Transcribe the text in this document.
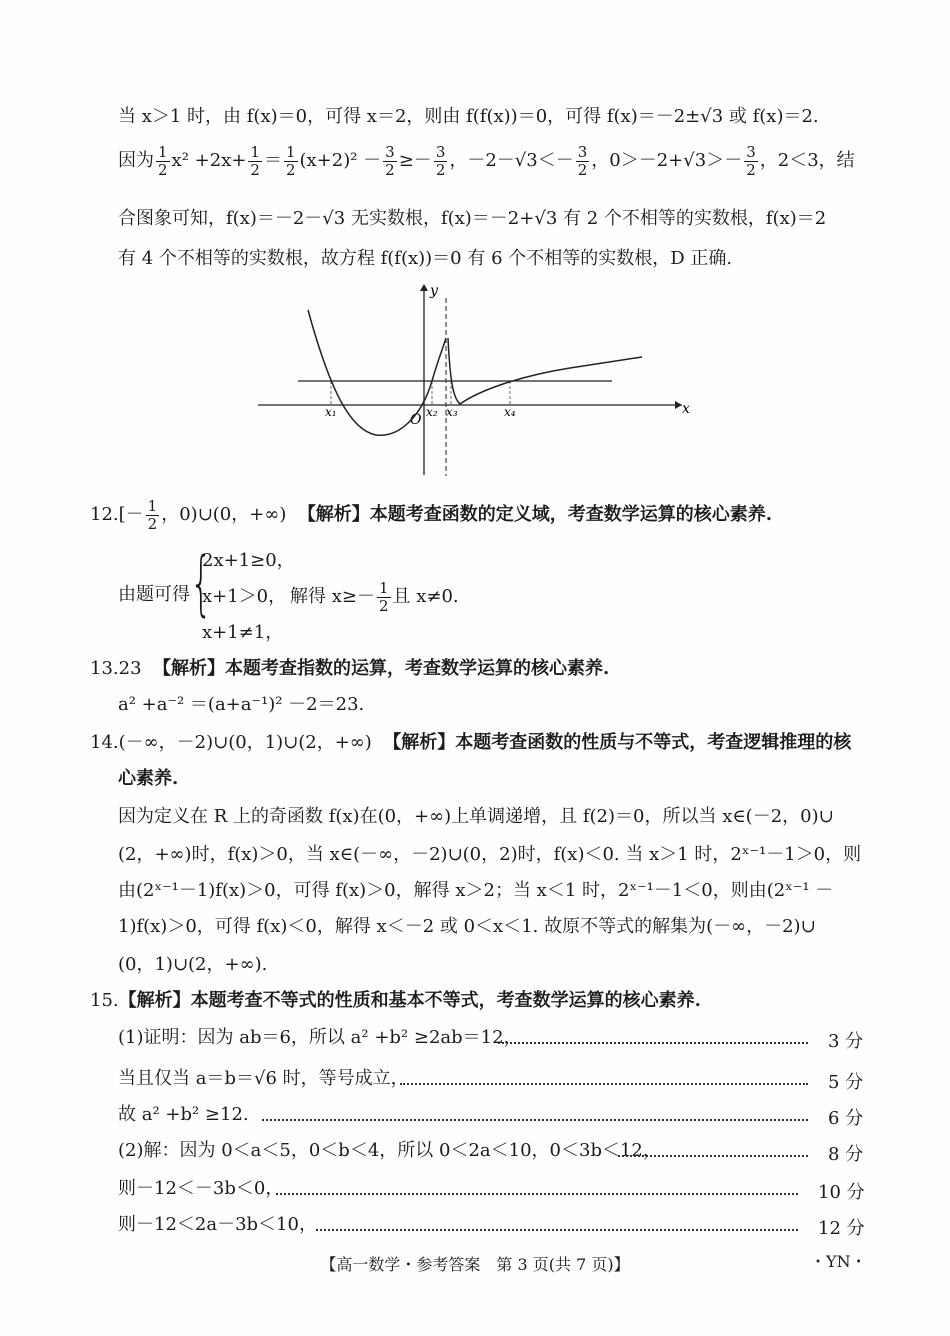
当 x＞1 时，由 f(x)＝0，可得 x＝2，则由 f(f(x))＝0，可得 f(x)＝－2±√3 或 f(x)＝2.
因为 $\frac{1}{2} x^2 +2x+ \frac{1}{2} = \frac{1}{2} (x+2)^2 - \frac{3}{2} \ge- \frac{3}{2}$ ，$-2-√3<- \frac{3}{2}$ ，$0>-2+√3>- \frac{3}{2}$ ，2＜3，结
合图象可知，f(x)＝－2－√3 无实数根，f(x)＝－2+√3 有 2 个不相等的实数根，f(x)＝2
有 4 个不相等的实数根，故方程 f(f(x))＝0 有 6 个不相等的实数根，D 正确.
y
x
O
x₁	x₂ x₃	x₄
$12.[- \frac{1}{2}$ ，0)∪(0，+∞) 【解析】本题考查函数的定义域，考查数学运算的核心素养.
由题可得 {
2x+1≥0，
x+1＞0，
x+1≠1，
解得 $x\ge- \frac{1}{2}$ 且 x≠0.
13.23 【解析】本题考查指数的运算，考查数学运算的核心素养.
a² +a⁻² ＝(a+a⁻¹)² －2＝23.
14.(－∞，－2)∪(0，1)∪(2，+∞) 【解析】本题考查函数的性质与不等式，考查逻辑推理的核
心素养.
因为定义在 R 上的奇函数 f(x)在(0，+∞)上单调递增，且 f(2)＝0，所以当 x∈(－2，0)∪
(2，+∞)时，f(x)＞0，当 x∈(－∞，－2)∪(0，2)时，f(x)＜0. 当 x＞1 时，2ˣ⁻¹－1＞0，则
由(2ˣ⁻¹－1)f(x)＞0，可得 f(x)＞0，解得 x＞2；当 x＜1 时，2ˣ⁻¹－1＜0，则由(2ˣ⁻¹ －
1)f(x)＞0，可得 f(x)＜0，解得 x＜－2 或 0＜x＜1. 故原不等式的解集为(－∞，－2)∪
(0，1)∪(2，+∞).
15.【解析】本题考查不等式的性质和基本不等式，考查数学运算的核心素养.
(1)证明：因为 ab＝6，所以 a² +b² ≥2ab＝12，	3 分
当且仅当 a＝b＝√6 时，等号成立，	5 分
故 a² +b² ≥12.	6 分
(2)解：因为 0＜a＜5，0＜b＜4，所以 0＜2a＜10，0＜3b＜12，	8 分
则－12＜－3b＜0，	10 分
则－12＜2a－3b＜10，	12 分
【高一数学・参考答案　第 3 页(共 7 页)】	・YN・
